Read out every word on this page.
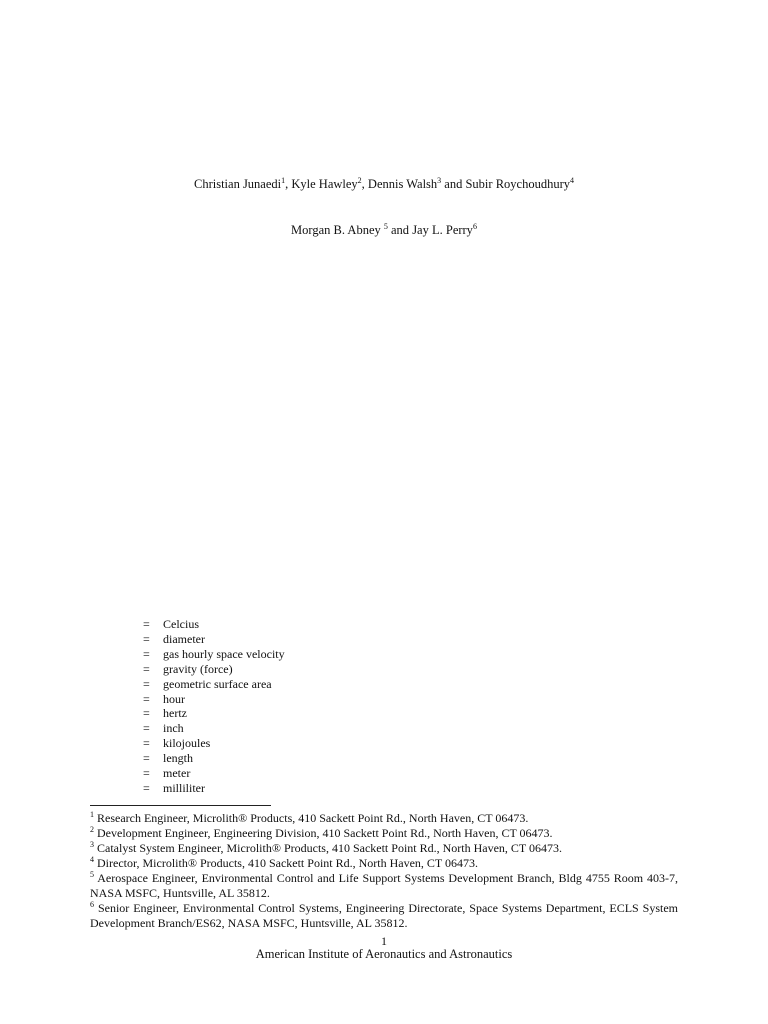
Christian Junaedi$^1$, Kyle Hawley$^2$, Dennis Walsh$^3$ and Subir Roychoudhury$^4$
Morgan B. Abney $^5$ and Jay L. Perry$^6$
=	Celcius
=	diameter
=	gas hourly space velocity
=	gravity (force)
=	geometric surface area
=	hour
=	hertz
=	inch
=	kilojoules
=	length
=	meter
=	milliliter

$^1$ Research Engineer, Microlith® Products, 410 Sackett Point Rd., North Haven, CT 06473.

$^2$ Development Engineer, Engineering Division, 410 Sackett Point Rd., North Haven, CT 06473.

$^3$ Catalyst System Engineer, Microlith® Products, 410 Sackett Point Rd., North Haven, CT 06473.

$^4$ Director, Microlith® Products, 410 Sackett Point Rd., North Haven, CT 06473.

$^5$ Aerospace Engineer, Environmental Control and Life Support Systems Development Branch, Bldg 4755 Room 403-7, NASA MSFC, Huntsville, AL 35812.

$^6$ Senior Engineer, Environmental Control Systems, Engineering Directorate, Space Systems Department, ECLS System Development Branch/ES62, NASA MSFC, Huntsville, AL 35812.

1
American Institute of Aeronautics and Astronautics
